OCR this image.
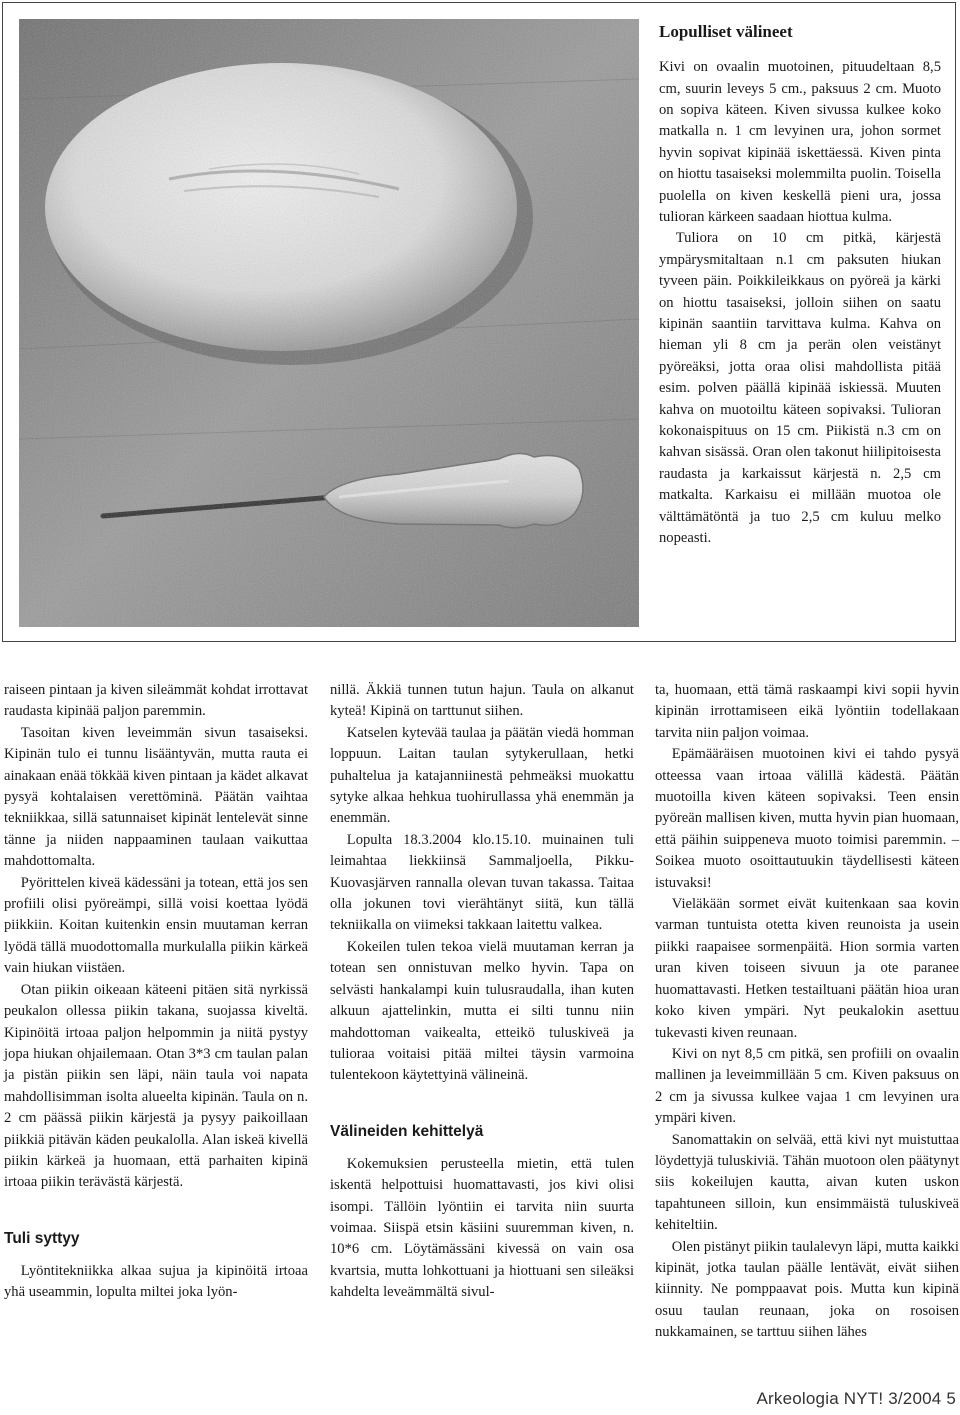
Lopulliset välineet

Kivi on ovaalin muotoinen, pituudeltaan 8,5 cm, suurin leveys 5 cm., paksuus 2 cm. Muoto on sopiva käteen. Kiven sivussa kulkee koko matkalla n. 1 cm levyinen ura, johon sormet hyvin sopivat kipinää iskettäessä. Kiven pinta on hiottu tasaiseksi molemmilta puolin. Toisella puolella on kiven keskellä pieni ura, jossa tulioran kärkeen saadaan hiottua kulma.

Tuliora on 10 cm pitkä, kärjestä ympärysmitaltaan n.1 cm paksuten hiukan tyveen päin. Poikkileikkaus on pyöreä ja kärki on hiottu tasaiseksi, jolloin siihen on saatu kipinän saantiin tarvittava kulma. Kahva on hieman yli 8 cm ja perän olen veistänyt pyöreäksi, jotta oraa olisi mahdollista pitää esim. polven päällä kipinää iskiessä. Muuten kahva on muotoiltu käteen sopivaksi. Tulioran kokonaispituus on 15 cm. Piikistä n.3 cm on kahvan sisässä. Oran olen takonut hiilipitoisesta raudasta ja karkaissut kärjestä n. 2,5 cm matkalta. Karkaisu ei millään muotoa ole välttämätöntä ja tuo 2,5 cm kuluu melko nopeasti.

raiseen pintaan ja kiven sileämmät kohdat irrottavat raudasta kipinää paljon paremmin.

Tasoitan kiven leveimmän sivun tasaiseksi. Kipinän tulo ei tunnu lisääntyvän, mutta rauta ei ainakaan enää tökkää kiven pintaan ja kädet alkavat pysyä kohtalaisen verettöminä. Päätän vaihtaa tekniikkaa, sillä satunnaiset kipinät lentelevät sinne tänne ja niiden nappaaminen taulaan vaikuttaa mahdottomalta.

Pyörittelen kiveä kädessäni ja totean, että jos sen profiili olisi pyöreämpi, sillä voisi koettaa lyödä piikkiin. Koitan kuitenkin ensin muutaman kerran lyödä tällä muodottomalla murkulalla piikin kärkeä vain hiukan viistäen.

Otan piikin oikeaan käteeni pitäen sitä nyrkissä peukalon ollessa piikin takana, suojassa kiveltä. Kipinöitä irtoaa paljon helpommin ja niitä pystyy jopa hiukan ohjailemaan. Otan 3*3 cm taulan palan ja pistän piikin sen läpi, näin taula voi napata mahdollisimman isolta alueelta kipinän. Taula on n. 2 cm päässä piikin kärjestä ja pysyy paikoillaan piikkiä pitävän käden peukalolla. Alan iskeä kivellä piikin kärkeä ja huomaan, että parhaiten kipinä irtoaa piikin terävästä kärjestä.

Tuli syttyy

Lyöntitekniikka alkaa sujua ja kipinöitä irtoaa yhä useammin, lopulta miltei joka lyön-

nillä. Äkkiä tunnen tutun hajun. Taula on alkanut kyteä! Kipinä on tarttunut siihen.

Katselen kytevää taulaa ja päätän viedä homman loppuun. Laitan taulan sytykerullaan, hetki puhaltelua ja katajanniinestä pehmeäksi muokattu sytyke alkaa hehkua tuohirullassa yhä enemmän ja enemmän.

Lopulta 18.3.2004 klo.15.10. muinainen tuli leimahtaa liekkiinsä Sammaljoella, Pikku-Kuovasjärven rannalla olevan tuvan takassa. Taitaa olla jokunen tovi vierähtänyt siitä, kun tällä tekniikalla on viimeksi takkaan laitettu valkea.

Kokeilen tulen tekoa vielä muutaman kerran ja totean sen onnistuvan melko hyvin. Tapa on selvästi hankalampi kuin tulusraudalla, ihan kuten alkuun ajattelinkin, mutta ei silti tunnu niin mahdottoman vaikealta, etteikö tuluskiveä ja tulioraa voitaisi pitää miltei täysin varmoina tulentekoon käytettyinä välineinä.

Välineiden kehittelyä

Kokemuksien perusteella mietin, että tulen iskentä helpottuisi huomattavasti, jos kivi olisi isompi. Tällöin lyöntiin ei tarvita niin suurta voimaa. Siispä etsin käsiini suuremman kiven, n. 10*6 cm. Löytämässäni kivessä on vain osa kvartsia, mutta lohkottuani ja hiottuani sen sileäksi kahdelta leveämmältä sivul-

ta, huomaan, että tämä raskaampi kivi sopii hyvin kipinän irrottamiseen eikä lyöntiin todellakaan tarvita niin paljon voimaa.

Epämääräisen muotoinen kivi ei tahdo pysyä otteessa vaan irtoaa välillä kädestä. Päätän muotoilla kiven käteen sopivaksi. Teen ensin pyöreän mallisen kiven, mutta hyvin pian huomaan, että päihin suippeneva muoto toimisi paremmin. – Soikea muoto osoittautuukin täydellisesti käteen istuvaksi!

Vieläkään sormet eivät kuitenkaan saa kovin varman tuntuista otetta kiven reunoista ja usein piikki raapaisee sormenpäitä. Hion sormia varten uran kiven toiseen sivuun ja ote paranee huomattavasti. Hetken testailtuani päätän hioa uran koko kiven ympäri. Nyt peukalokin asettuu tukevasti kiven reunaan.

Kivi on nyt 8,5 cm pitkä, sen profiili on ovaalin mallinen ja leveimmillään 5 cm. Kiven paksuus on 2 cm ja sivussa kulkee vajaa 1 cm levyinen ura ympäri kiven.

Sanomattakin on selvää, että kivi nyt muistuttaa löydettyjä tuluskiviä. Tähän muotoon olen päätynyt siis kokeilujen kautta, aivan kuten uskon tapahtuneen silloin, kun ensimmäistä tuluskiveä kehiteltiin.

Olen pistänyt piikin taulalevyn läpi, mutta kaikki kipinät, jotka taulan päälle lentävät, eivät siihen kiinnity. Ne pomppaavat pois. Mutta kun kipinä osuu taulan reunaan, joka on rosoisen nukkamainen, se tarttuu siihen lähes

Arkeologia NYT! 3/2004 5
